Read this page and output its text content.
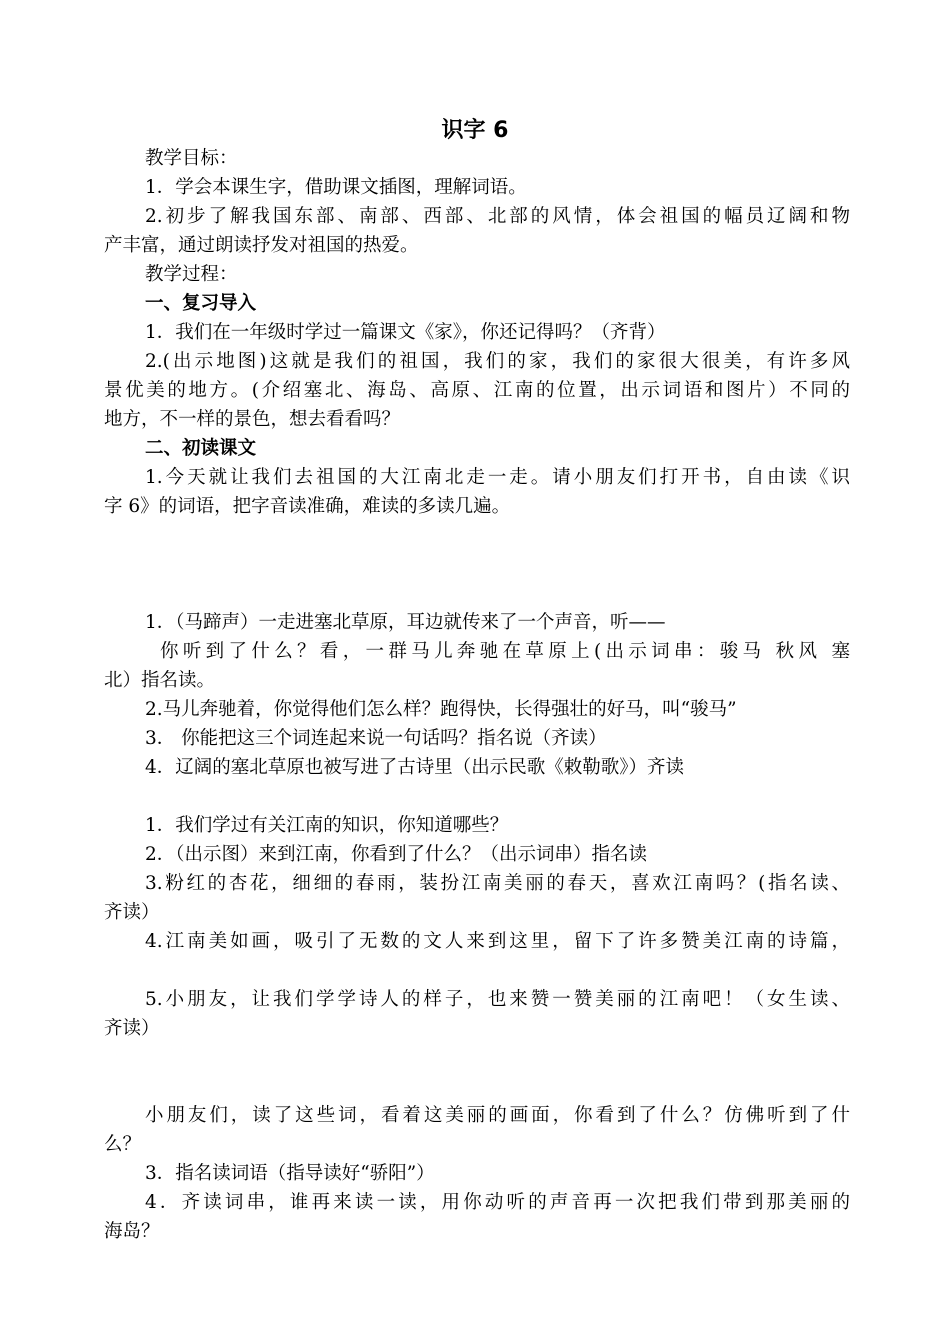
识字 6
教学目标：
1．学会本课生字，借助课文插图，理解词语。
2.初步了解我国东部、南部、西部、北部的风情，体会祖国的幅员辽阔和物
产丰富，通过朗读抒发对祖国的热爱。
教学过程：
一、复习导入
1．我们在一年级时学过一篇课文《家》，你还记得吗？（齐背）
2.(出示地图)这就是我们的祖国，我们的家，我们的家很大很美，有许多风
景优美的地方。(介绍塞北、海岛、高原、江南的位置，出示词语和图片）不同的
地方，不一样的景色，想去看看吗？
二、初读课文
1.今天就让我们去祖国的大江南北走一走。请小朋友们打开书，自由读《识
字 6》的词语，把字音读准确，难读的多读几遍。
1．（马蹄声）一走进塞北草原，耳边就传来了一个声音，听——
你听到了什么？看，一群马儿奔驰在草原上(出示词串：骏马 秋风 塞
北）指名读。
2.马儿奔驰着，你觉得他们怎么样？跑得快，长得强壮的好马，叫“骏马”
3． 你能把这三个词连起来说一句话吗？指名说（齐读）
4．辽阔的塞北草原也被写进了古诗里（出示民歌《敕勒歌》）齐读
1．我们学过有关江南的知识，你知道哪些？
2．（出示图）来到江南，你看到了什么？（出示词串）指名读
3.粉红的杏花，细细的春雨，装扮江南美丽的春天，喜欢江南吗？(指名读、
齐读）
4.江南美如画，吸引了无数的文人来到这里，留下了许多赞美江南的诗篇，
5.小朋友，让我们学学诗人的样子，也来赞一赞美丽的江南吧！（女生读、
齐读）
小朋友们，读了这些词，看着这美丽的画面，你看到了什么？仿佛听到了什
么？
3．指名读词语（指导读好“骄阳”）
4．齐读词串，谁再来读一读，用你动听的声音再一次把我们带到那美丽的
海岛？
